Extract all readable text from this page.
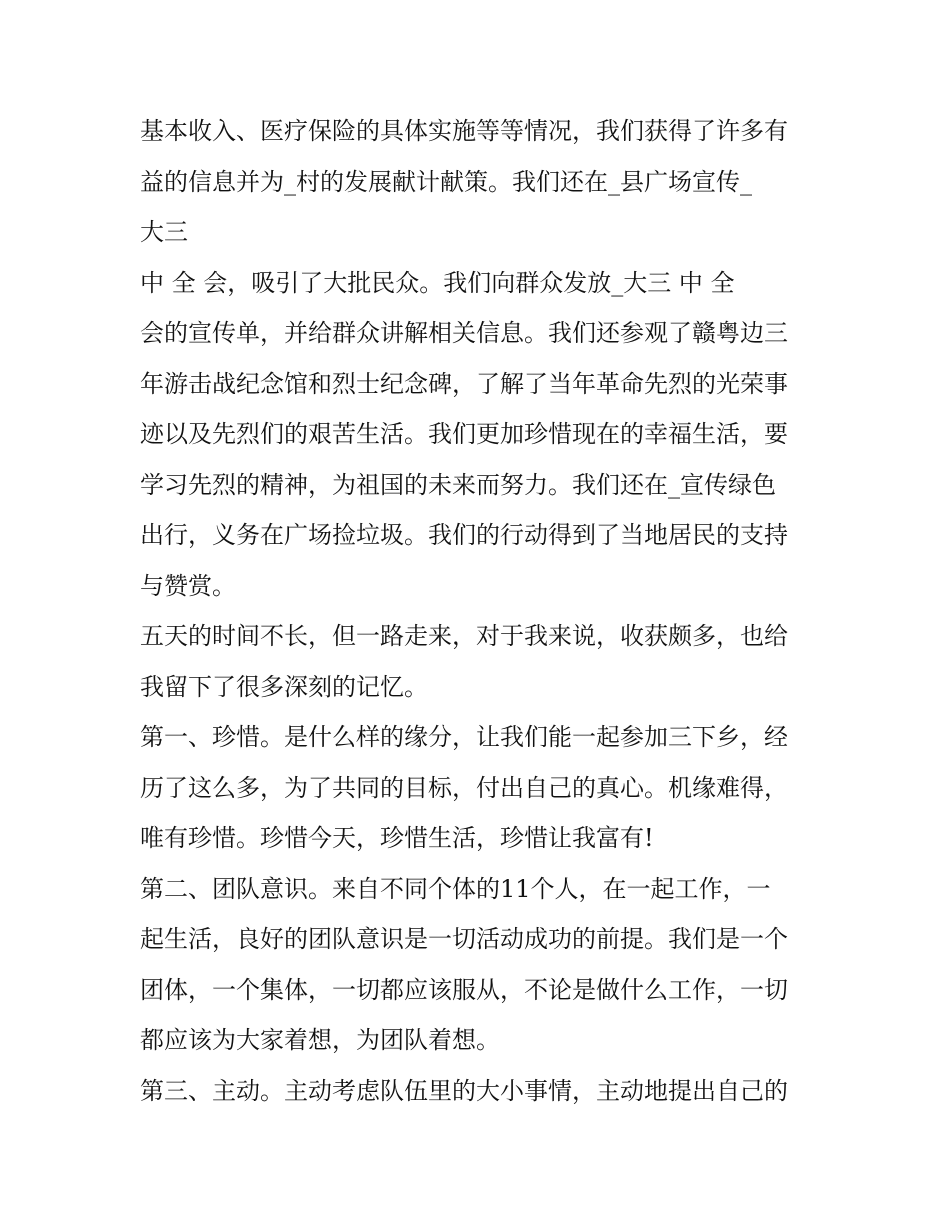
基本收入、医疗保险的具体实施等等情况，我们获得了许多有
益的信息并为_村的发展献计献策。我们还在_县广场宣传_
大三
中 全 会，吸引了大批民众。我们向群众发放_大三 中 全
会的宣传单，并给群众讲解相关信息。我们还参观了赣粤边三
年游击战纪念馆和烈士纪念碑，了解了当年革命先烈的光荣事
迹以及先烈们的艰苦生活。我们更加珍惜现在的幸福生活，要
学习先烈的精神，为祖国的未来而努力。我们还在_宣传绿色
出行，义务在广场捡垃圾。我们的行动得到了当地居民的支持
与赞赏。
五天的时间不长，但一路走来，对于我来说，收获颇多，也给
我留下了很多深刻的记忆。
第一、珍惜。是什么样的缘分，让我们能一起参加三下乡，经
历了这么多，为了共同的目标，付出自己的真心。机缘难得，
唯有珍惜。珍惜今天，珍惜生活，珍惜让我富有!
第二、团队意识。来自不同个体的11个人，在一起工作，一
起生活，良好的团队意识是一切活动成功的前提。我们是一个
团体，一个集体，一切都应该服从，不论是做什么工作，一切
都应该为大家着想，为团队着想。
第三、主动。主动考虑队伍里的大小事情，主动地提出自己的
